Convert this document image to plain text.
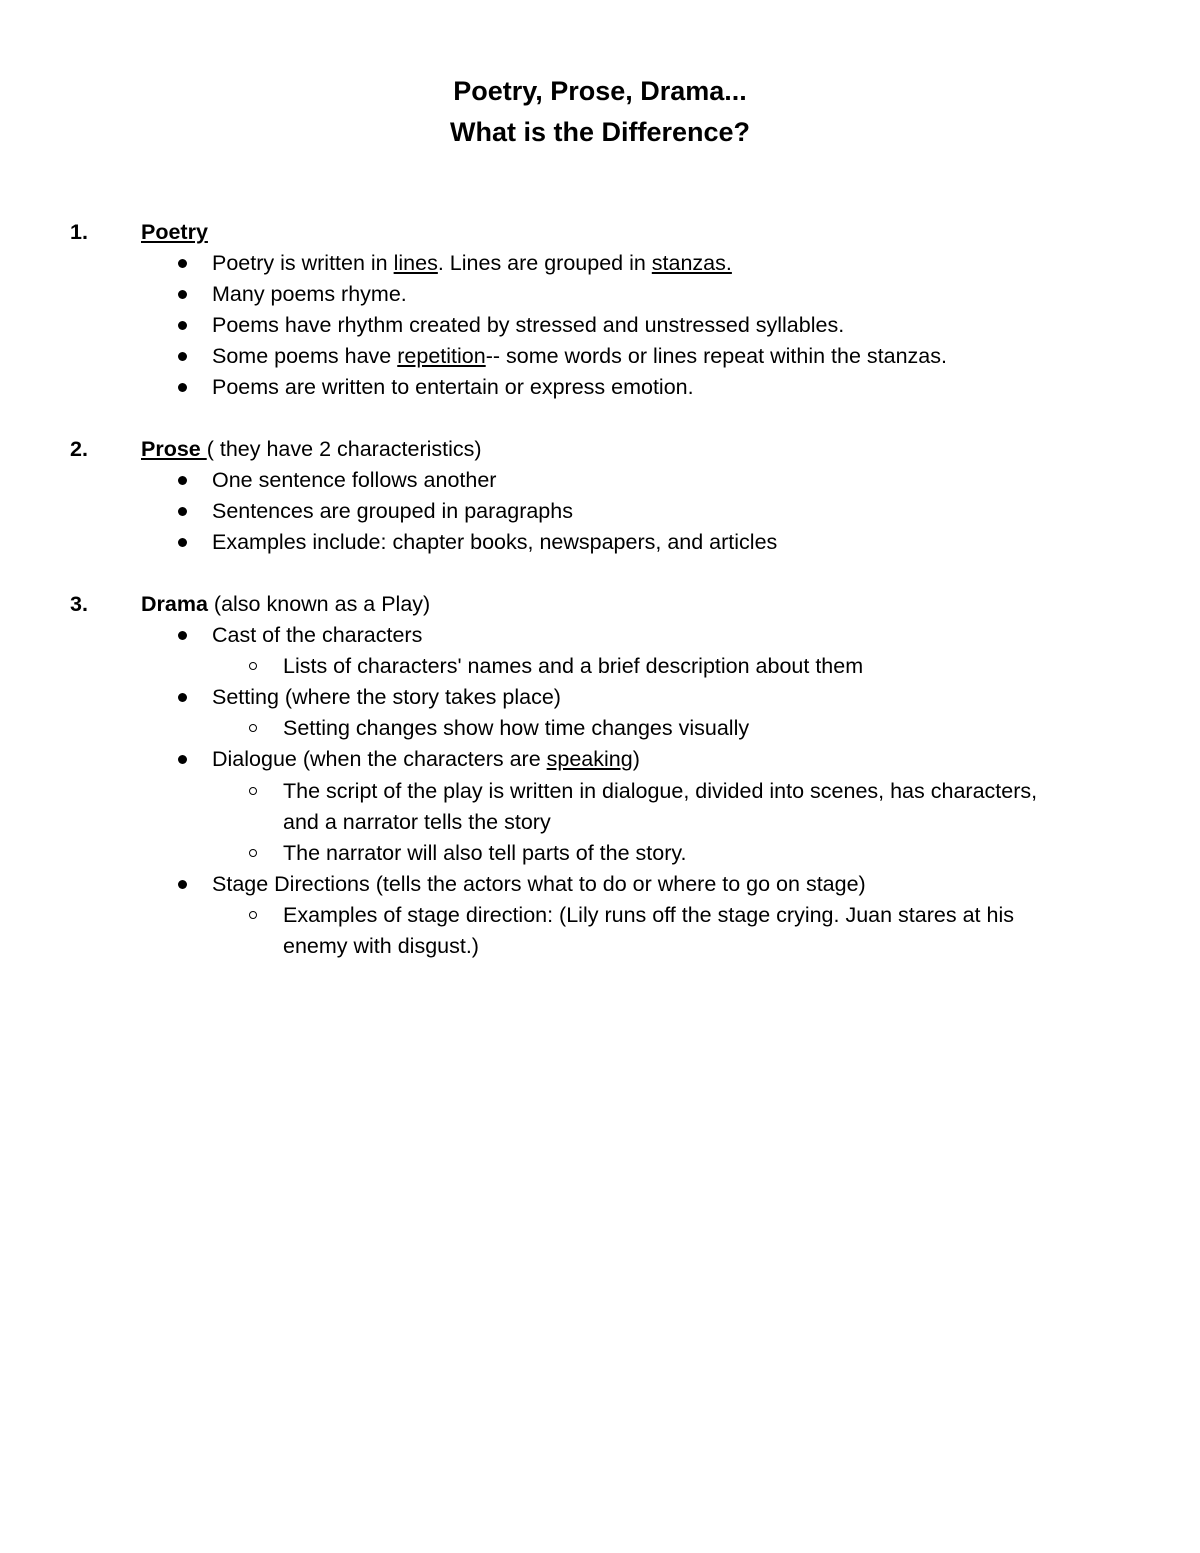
Poetry, Prose, Drama...
What is the Difference?
1. Poetry
Poetry is written in lines. Lines are grouped in stanzas.
Many poems rhyme.
Poems have rhythm created by stressed and unstressed syllables.
Some poems have repetition-- some words or lines repeat within the stanzas.
Poems are written to entertain or express emotion.
2. Prose ( they have 2 characteristics)
One sentence follows another
Sentences are grouped in paragraphs
Examples include: chapter books, newspapers, and articles
3. Drama (also known as a Play)
Cast of the characters
Lists of characters' names and a brief description about them
Setting (where the story takes place)
Setting changes show how time changes visually
Dialogue (when the characters are speaking)
The script of the play is written in dialogue, divided into scenes, has characters,
and a narrator tells the story
The narrator will also tell parts of the story.
Stage Directions (tells the actors what to do or where to go on stage)
Examples of stage direction: (Lily runs off the stage crying. Juan stares at his
enemy with disgust.)
